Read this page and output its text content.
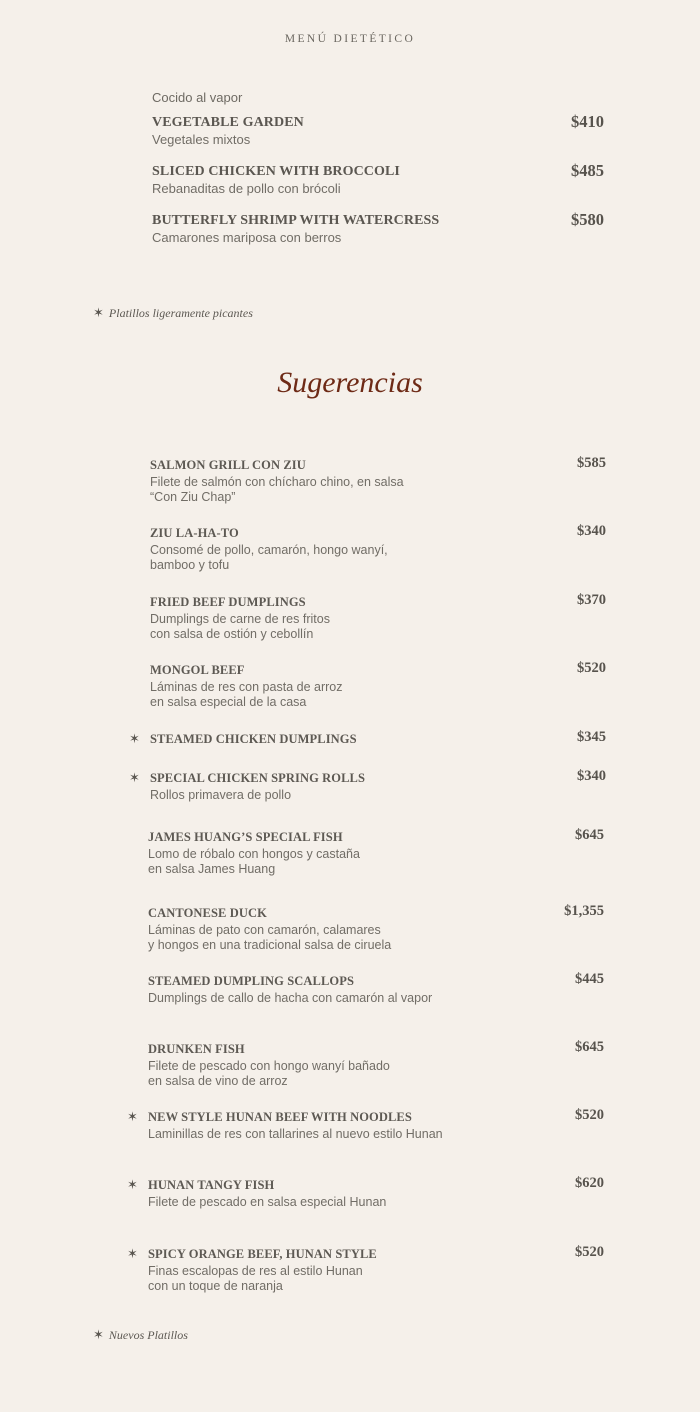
MENÚ DIETÉTICO
Cocido al vapor
VEGETABLE GARDEN
Vegetales mixtos
$410
SLICED CHICKEN WITH BROCCOLI
Rebanaditas de pollo con brócoli
$485
BUTTERFLY SHRIMP WITH WATERCRESS
Camarones mariposa con berros
$580
✶ Platillos ligeramente picantes
Sugerencias
SALMON GRILL CON ZIU
Filete de salmón con chícharo chino, en salsa
“Con Ziu Chap”
$585
ZIU LA-HA-TO
Consomé de pollo, camarón, hongo wanyí,
bamboo y tofu
$340
FRIED BEEF DUMPLINGS
Dumplings de carne de res fritos
con salsa de ostión y cebollín
$370
MONGOL BEEF
Láminas de res con pasta de arroz
en salsa especial de la casa
$520
✶ STEAMED CHICKEN DUMPLINGS	$345
✶ SPECIAL CHICKEN SPRING ROLLS
Rollos primavera de pollo
$340
JAMES HUANG’S SPECIAL FISH
Lomo de róbalo con hongos y castaña
en salsa James Huang
$645
CANTONESE DUCK
Láminas de pato con camarón, calamares
y hongos en una tradicional salsa de ciruela
$1,355
STEAMED DUMPLING SCALLOPS
Dumplings de callo de hacha con camarón al vapor
$445
DRUNKEN FISH
Filete de pescado con hongo wanyí bañado
en salsa de vino de arroz
$645
✶ NEW STYLE HUNAN BEEF WITH NOODLES
Laminillas de res con tallarines al nuevo estilo Hunan
$520
✶ HUNAN TANGY FISH
Filete de pescado en salsa especial Hunan
$620
✶ SPICY ORANGE BEEF, HUNAN STYLE
Finas escalopas de res al estilo Hunan
con un toque de naranja
$520
✶ Nuevos Platillos
